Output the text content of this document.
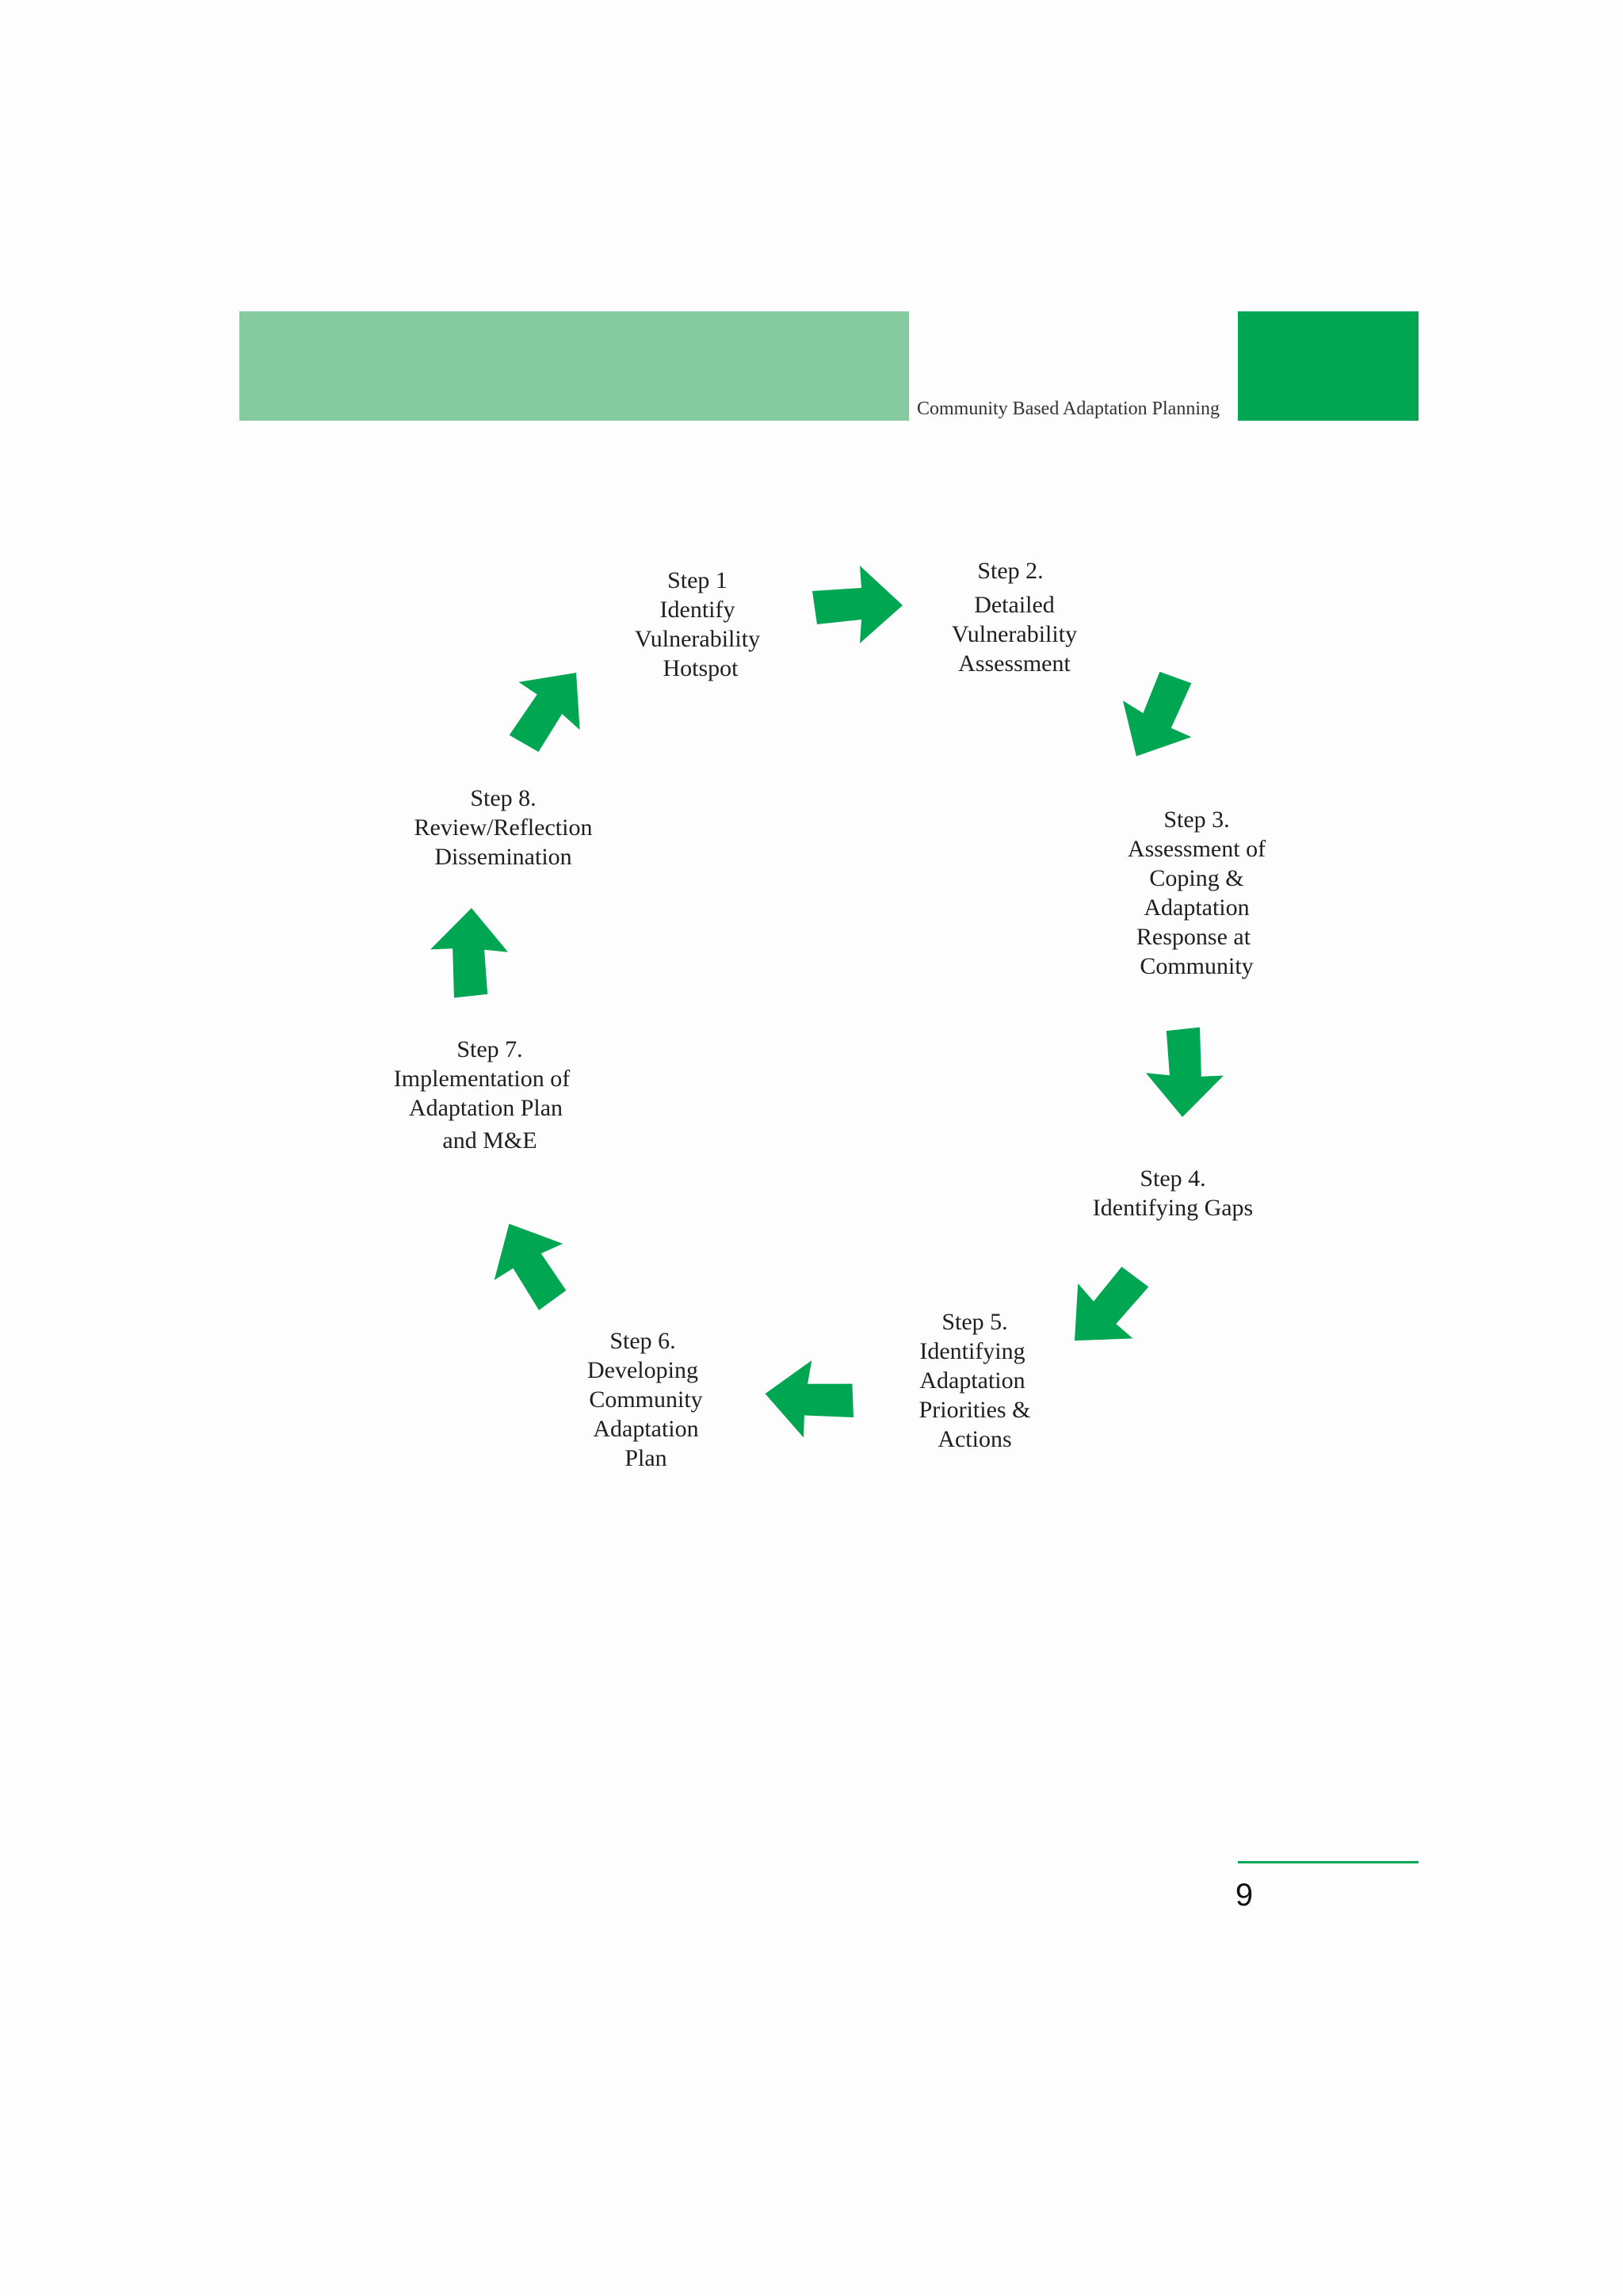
Community Based Adaptation Planning
Step 1
Identify
Vulnerability
Hotspot
Step 2.
Detailed
Vulnerability
Assessment
Step 3.
Assessment of
Coping &
Adaptation
Response at
Community
Step 4.
Identifying Gaps
Step 5.
Identifying
Adaptation
Priorities &
Actions
Step 6.
Developing
Community
Adaptation
Plan
Step 7.
Implementation of
Adaptation Plan
and M&E
Step 8.
Review/Reflection
Dissemination
9
